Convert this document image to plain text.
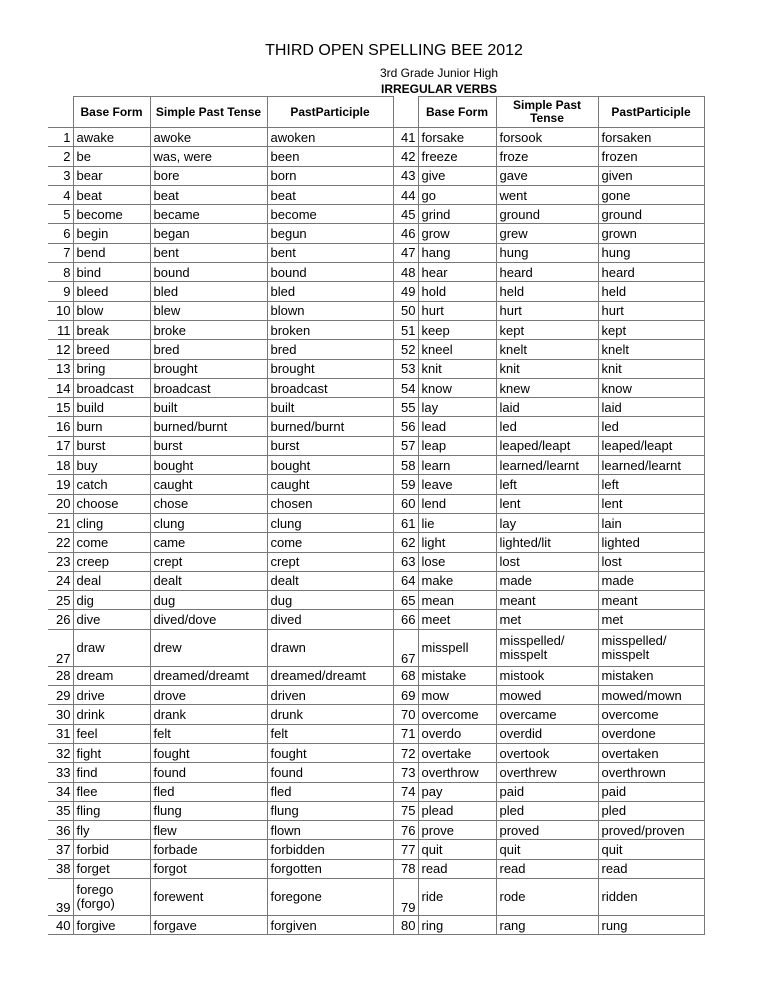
THIRD OPEN SPELLING BEE 2012
3rd Grade Junior High
IRREGULAR VERBS
	Base Form	Simple Past Tense	PastParticiple		Base Form	Simple Past Tense	PastParticiple
1	awake	awoke	awoken	41	forsake	forsook	forsaken
2	be	was, were	been	42	freeze	froze	frozen
3	bear	bore	born	43	give	gave	given
4	beat	beat	beat	44	go	went	gone
5	become	became	become	45	grind	ground	ground
6	begin	began	begun	46	grow	grew	grown
7	bend	bent	bent	47	hang	hung	hung
8	bind	bound	bound	48	hear	heard	heard
9	bleed	bled	bled	49	hold	held	held
10	blow	blew	blown	50	hurt	hurt	hurt
11	break	broke	broken	51	keep	kept	kept
12	breed	bred	bred	52	kneel	knelt	knelt
13	bring	brought	brought	53	knit	knit	knit
14	broadcast	broadcast	broadcast	54	know	knew	know
15	build	built	built	55	lay	laid	laid
16	burn	burned/burnt	burned/burnt	56	lead	led	led
17	burst	burst	burst	57	leap	leaped/leapt	leaped/leapt
18	buy	bought	bought	58	learn	learned/learnt	learned/learnt
19	catch	caught	caught	59	leave	left	left
20	choose	chose	chosen	60	lend	lent	lent
21	cling	clung	clung	61	lie	lay	lain
22	come	came	come	62	light	lighted/lit	lighted
23	creep	crept	crept	63	lose	lost	lost
24	deal	dealt	dealt	64	make	made	made
25	dig	dug	dug	65	mean	meant	meant
26	dive	dived/dove	dived	66	meet	met	met
27	draw	drew	drawn	67	misspell	misspelled/ misspelt	misspelled/ misspelt
28	dream	dreamed/dreamt	dreamed/dreamt	68	mistake	mistook	mistaken
29	drive	drove	driven	69	mow	mowed	mowed/mown
30	drink	drank	drunk	70	overcome	overcame	overcome
31	feel	felt	felt	71	overdo	overdid	overdone
32	fight	fought	fought	72	overtake	overtook	overtaken
33	find	found	found	73	overthrow	overthrew	overthrown
34	flee	fled	fled	74	pay	paid	paid
35	fling	flung	flung	75	plead	pled	pled
36	fly	flew	flown	76	prove	proved	proved/proven
37	forbid	forbade	forbidden	77	quit	quit	quit
38	forget	forgot	forgotten	78	read	read	read
39	forego (forgo)	forewent	foregone	79	ride	rode	ridden
40	forgive	forgave	forgiven	80	ring	rang	rung
